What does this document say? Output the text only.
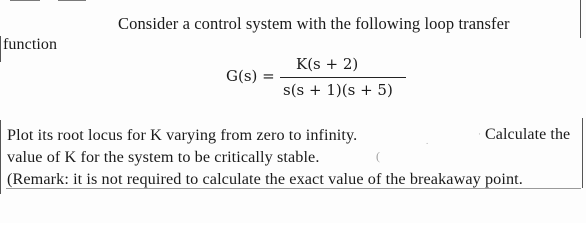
Consider a control system with the following loop transfer
function
G(s) =
K(s + 2)
s(s + 1)(s + 5)
Plot its root locus for K varying from zero to infinity.	.
· Calculate the
value of K for the system to be critically stable.	(
(Remark: it is not required to calculate the exact value of the breakaway point.
